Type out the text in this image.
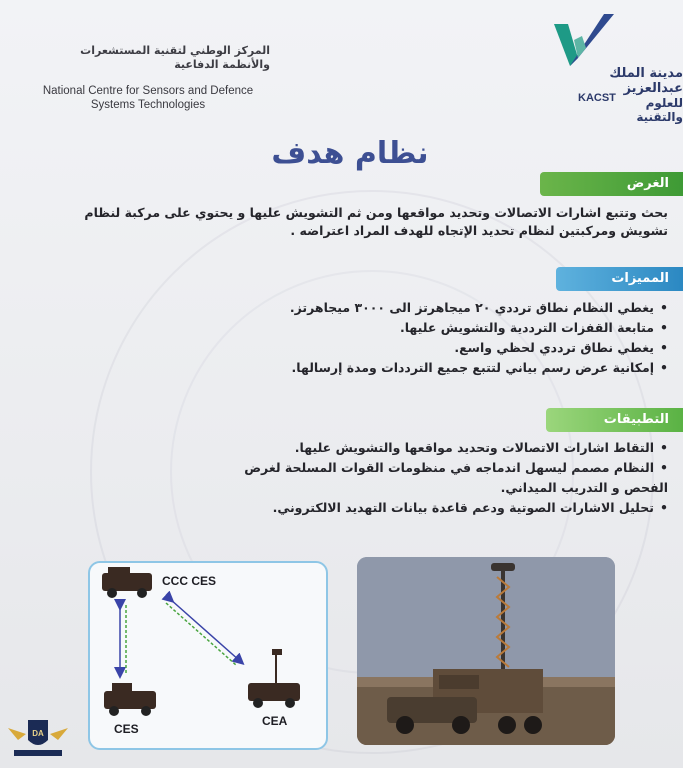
المركز الوطني لتقنية المستشعرات
والأنظمة الدفاعية
National Centre for Sensors and Defence
Systems Technologies
مدينة الملك عبدالعزيز
KACST	للعلوم والتقنية
نظام هدف
الغرض
بحث وتتبع اشارات الاتصالات وتحديد مواقعها ومن ثم التشويش عليها و يحتوي على مركبة لنظام تشويش ومركبتين لنظام تحديد الإتجاه للهدف المراد اعتراضه .
المميزات
• يغطي النظام نطاق ترددي ٢٠ ميجاهرتز الى ٣٠٠٠ ميجاهرتز.
• متابعة القفزات الترددية والتشويش عليها.
• يغطي نطاق ترددي لحظي واسع.
• إمكانية عرض رسم بياني لتتبع جميع الترددات ومدة إرسالها.
التطبيقات
• التقاط اشارات الاتصالات وتحديد مواقعها والتشويش عليها.
• النظام مصمم ليسهل اندماجه في منظومات القوات المسلحة لغرض الفحص و التدريب الميداني.
• تحليل الاشارات الصوتية ودعم قاعدة بيانات التهديد الالكتروني.
CCC CES
CES
CEA
DA
